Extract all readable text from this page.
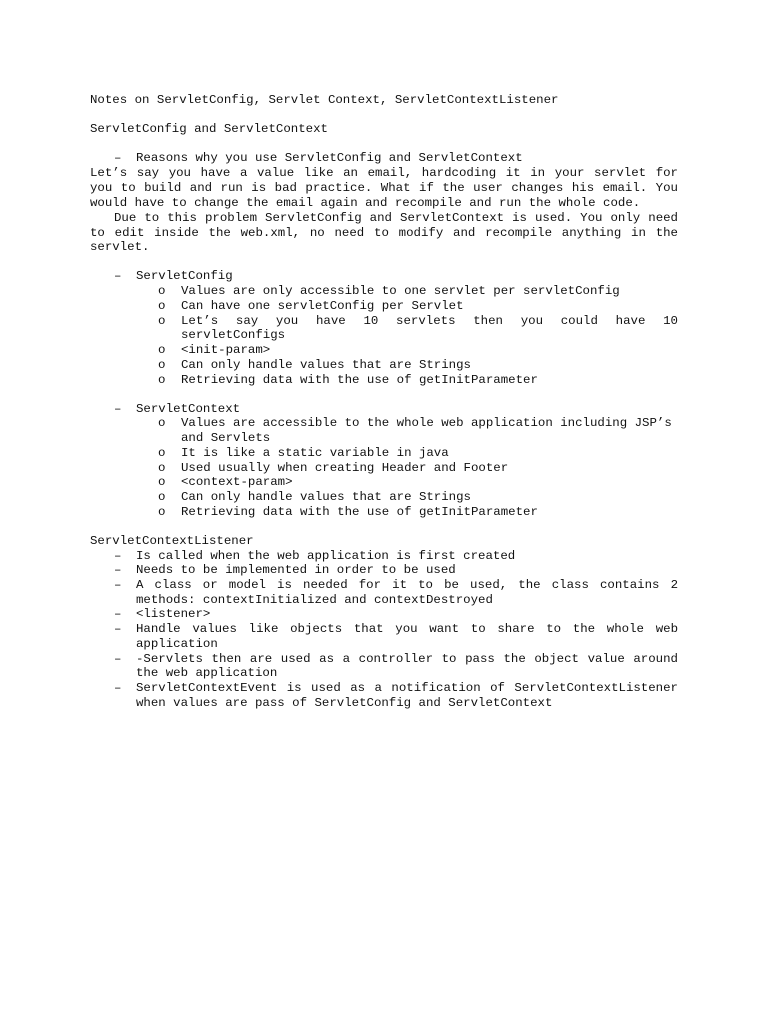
Notes on ServletConfig, Servlet Context, ServletContextListener
ServletConfig and ServletContext
– Reasons why you use ServletConfig and ServletContext
Let’s say you have a value like an email, hardcoding it in your servlet for
you to build and run is bad practice. What if the user changes his email. You
would have to change the email again and recompile and run the whole code.
Due to this problem ServletConfig and ServletContext is used. You only need
to edit inside the web.xml, no need to modify and recompile anything in the
servlet.
– ServletConfig
o Values are only accessible to one servlet per servletConfig
o Can have one servletConfig per Servlet
o Let’s say you have 10 servlets then you could have 10
servletConfigs
o <init-param>
o Can only handle values that are Strings
o Retrieving data with the use of getInitParameter
– ServletContext
o Values are accessible to the whole web application including JSP’s
and Servlets
o It is like a static variable in java
o Used usually when creating Header and Footer
o <context-param>
o Can only handle values that are Strings
o Retrieving data with the use of getInitParameter
ServletContextListener
– Is called when the web application is first created
– Needs to be implemented in order to be used
– A class or model is needed for it to be used, the class contains 2
methods: contextInitialized and contextDestroyed
– <listener>
– Handle values like objects that you want to share to the whole web
application
– -Servlets then are used as a controller to pass the object value around
the web application
– ServletContextEvent is used as a notification of ServletContextListener
when values are pass of ServletConfig and ServletContext
